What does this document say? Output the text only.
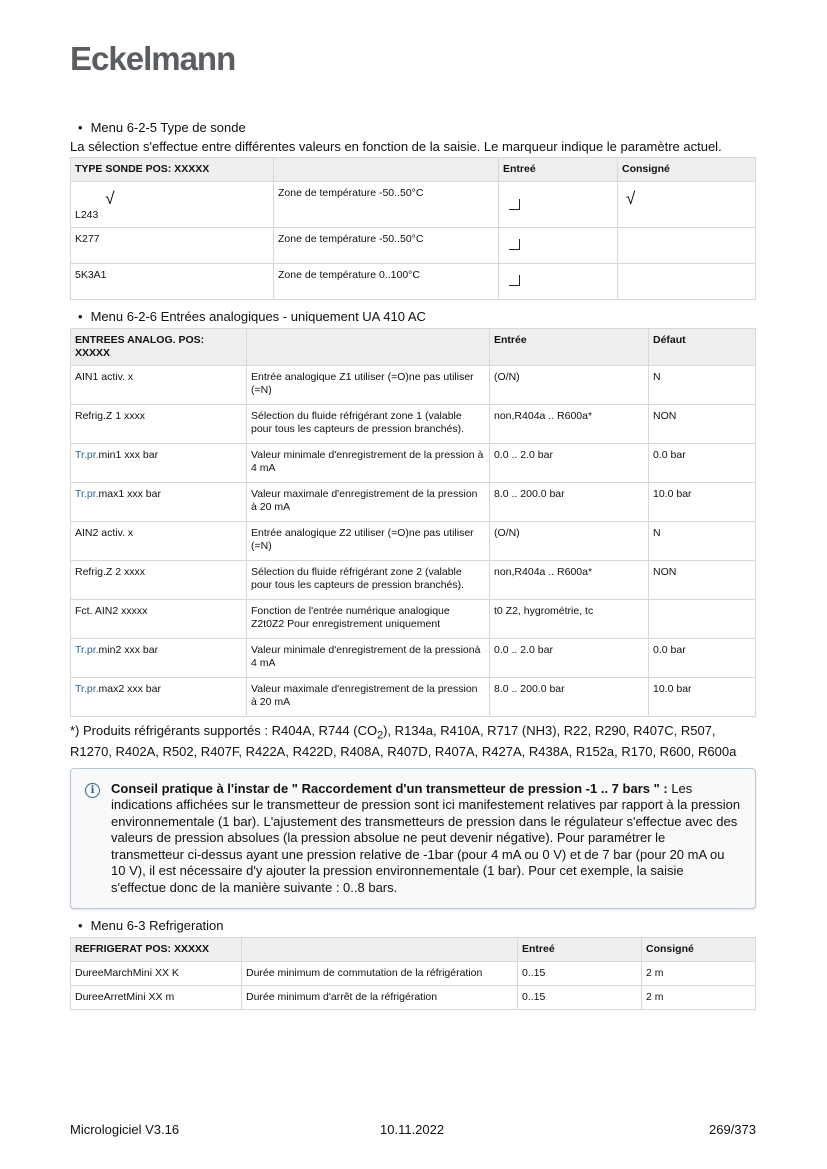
Eckelmann
• Menu 6-2-5 Type de sonde

La sélection s'effectue entre différentes valeurs en fonction de la saisie. Le marqueur indique le paramètre actuel.

TYPE SONDE POS: XXXXX		Entreé	Consigné
L243 √	Zone de température -50..50°C		√
K277	Zone de température -50..50°C		
5K3A1	Zone de température 0..100°C		
• Menu 6-2-6 Entrées analogiques - uniquement UA 410 AC
ENTREES ANALOG. POS: XXXXX		Entrée	Défaut
AIN1 activ. x	Entrée analogique Z1 utiliser (=O)ne pas utiliser (=N)	(O/N)	N
Refrig.Z 1 xxxx	Sélection du fluide réfrigérant zone 1 (valable pour tous les capteurs de pression branchés).	non,R404a .. R600a*	NON
Tr.pr.min1 xxx bar	Valeur minimale d'enregistrement de la pression à 4 mA	0.0 .. 2.0 bar	0.0 bar
Tr.pr.max1 xxx bar	Valeur maximale d'enregistrement de la pression à 20 mA	8.0 .. 200.0 bar	10.0 bar
AIN2 activ. x	Entrée analogique Z2 utiliser (=O)ne pas utiliser (=N)	(O/N)	N
Refrig.Z 2 xxxx	Sélection du fluide réfrigérant zone 2 (valable pour tous les capteurs de pression branchés).	non,R404a .. R600a*	NON
Fct. AIN2 xxxxx	Fonction de l'entrée numérique analogique Z2t0Z2 Pour enregistrement uniquement	t0 Z2, hygrométrie, tc	
Tr.pr.min2 xxx bar	Valeur minimale d'enregistrement de la pressionà 4 mA	0.0 .. 2.0 bar	0.0 bar
Tr.pr.max2 xxx bar	Valeur maximale d'enregistrement de la pression à 20 mA	8.0 .. 200.0 bar	10.0 bar
*) Produits réfrigérants supportés : R404A, R744 $(CO_2)$, R134a, R410A, R717 (NH3), R22, R290, R407C, R507, R1270, R402A, R502, R407F, R422A, R422D, R408A, R407D, R407A, R427A, R438A, R152a, R170, R600, R600a
i	Conseil pratique à l'instar de " Raccordement d'un transmetteur de pression -1 .. 7 bars " : Les indications affichées sur le transmetteur de pression sont ici manifestement relatives par rapport à la pression environnementale (1 bar). L'ajustement des transmetteurs de pression dans le régulateur s'effectue avec des valeurs de pression absolues (la pression absolue ne peut devenir négative). Pour paramétrer le transmetteur ci-dessus ayant une pression relative de -1bar (pour 4 mA ou 0 V) et de 7 bar (pour 20 mA ou 10 V), il est nécessaire d'y ajouter la pression environnementale (1 bar). Pour cet exemple, la saisie s'effectue donc de la manière suivante : 0..8 bars.
• Menu 6-3 Refrigeration
REFRIGERAT POS: XXXXX		Entreé	Consigné
DureeMarchMini XX K	Durée minimum de commutation de la réfrigération	0..15	2 m
DureeArretMini XX m	Durée minimum d'arrêt de la réfrigération	0..15	2 m
Micrologiciel V3.16	10.11.2022	269/373
